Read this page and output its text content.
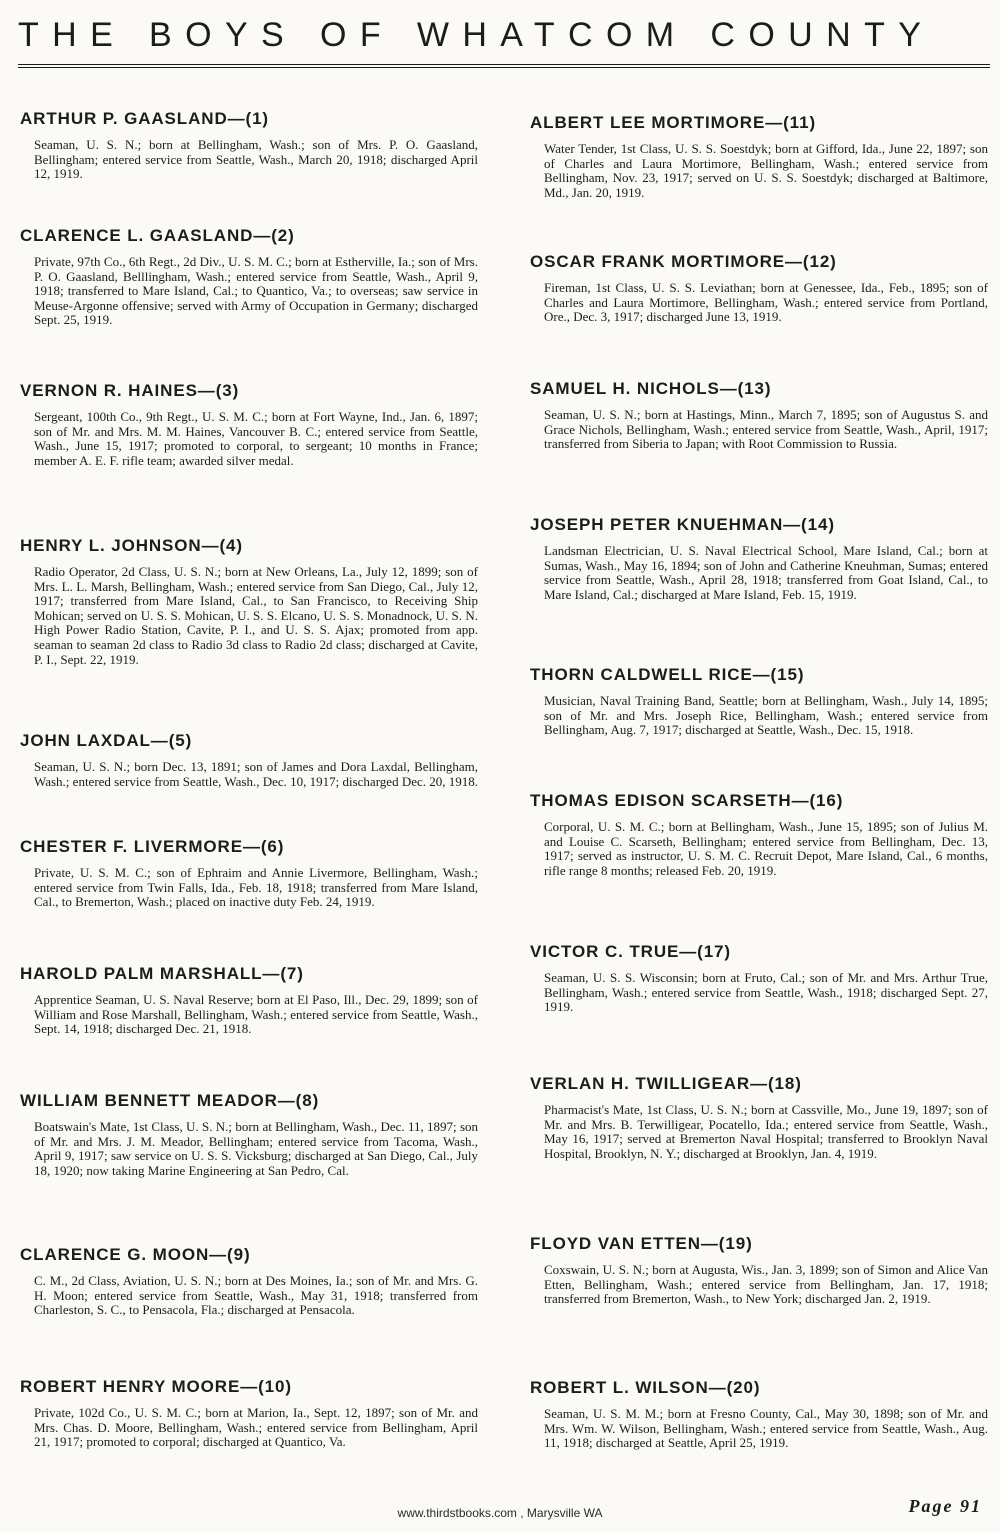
THE BOYS OF WHATCOM COUNTY
ARTHUR P. GAASLAND—(1)

Seaman, U. S. N.; born at Bellingham, Wash.; son of Mrs. P. O. Gaasland, Bellingham; entered service from Seattle, Wash., March 20, 1918; discharged April 12, 1919.

CLARENCE L. GAASLAND—(2)

Private, 97th Co., 6th Regt., 2d Div., U. S. M. C.; born at Estherville, Ia.; son of Mrs. P. O. Gaasland, Belllingham, Wash.; entered service from Seattle, Wash., April 9, 1918; transferred to Mare Island, Cal.; to Quantico, Va.; to overseas; saw service in Meuse-Argonne offensive; served with Army of Occupation in Germany; discharged Sept. 25, 1919.

VERNON R. HAINES—(3)

Sergeant, 100th Co., 9th Regt., U. S. M. C.; born at Fort Wayne, Ind., Jan. 6, 1897; son of Mr. and Mrs. M. M. Haines, Vancouver B. C.; entered service from Seattle, Wash., June 15, 1917; promoted to corporal, to sergeant; 10 months in France; member A. E. F. rifle team; awarded silver medal.

HENRY L. JOHNSON—(4)

Radio Operator, 2d Class, U. S. N.; born at New Orleans, La., July 12, 1899; son of Mrs. L. L. Marsh, Bellingham, Wash.; entered service from San Diego, Cal., July 12, 1917; transferred from Mare Island, Cal., to San Francisco, to Receiving Ship Mohican; served on U. S. S. Mohican, U. S. S. Elcano, U. S. S. Monadnock, U. S. N. High Power Radio Station, Cavite, P. I., and U. S. S. Ajax; promoted from app. seaman to seaman 2d class to Radio 3d class to Radio 2d class; discharged at Cavite, P. I., Sept. 22, 1919.

JOHN LAXDAL—(5)

Seaman, U. S. N.; born Dec. 13, 1891; son of James and Dora Laxdal, Bellingham, Wash.; entered service from Seattle, Wash., Dec. 10, 1917; discharged Dec. 20, 1918.

CHESTER F. LIVERMORE—(6)

Private, U. S. M. C.; son of Ephraim and Annie Livermore, Bellingham, Wash.; entered service from Twin Falls, Ida., Feb. 18, 1918; transferred from Mare Island, Cal., to Bremerton, Wash.; placed on inactive duty Feb. 24, 1919.

HAROLD PALM MARSHALL—(7)

Apprentice Seaman, U. S. Naval Reserve; born at El Paso, Ill., Dec. 29, 1899; son of William and Rose Marshall, Bellingham, Wash.; entered service from Seattle, Wash., Sept. 14, 1918; discharged Dec. 21, 1918.

WILLIAM BENNETT MEADOR—(8)

Boatswain's Mate, 1st Class, U. S. N.; born at Bellingham, Wash., Dec. 11, 1897; son of Mr. and Mrs. J. M. Meador, Bellingham; entered service from Tacoma, Wash., April 9, 1917; saw service on U. S. S. Vicksburg; discharged at San Diego, Cal., July 18, 1920; now taking Marine Engineering at San Pedro, Cal.

CLARENCE G. MOON—(9)

C. M., 2d Class, Aviation, U. S. N.; born at Des Moines, Ia.; son of Mr. and Mrs. G. H. Moon; entered service from Seattle, Wash., May 31, 1918; transferred from Charleston, S. C., to Pensacola, Fla.; discharged at Pensacola.

ROBERT HENRY MOORE—(10)

Private, 102d Co., U. S. M. C.; born at Marion, Ia., Sept. 12, 1897; son of Mr. and Mrs. Chas. D. Moore, Bellingham, Wash.; entered service from Bellingham, April 21, 1917; promoted to corporal; discharged at Quantico, Va.

ALBERT LEE MORTIMORE—(11)

Water Tender, 1st Class, U. S. S. Soestdyk; born at Gifford, Ida., June 22, 1897; son of Charles and Laura Mortimore, Bellingham, Wash.; entered service from Bellingham, Nov. 23, 1917; served on U. S. S. Soestdyk; discharged at Baltimore, Md., Jan. 20, 1919.

OSCAR FRANK MORTIMORE—(12)

Fireman, 1st Class, U. S. S. Leviathan; born at Genessee, Ida., Feb., 1895; son of Charles and Laura Mortimore, Bellingham, Wash.; entered service from Portland, Ore., Dec. 3, 1917; discharged June 13, 1919.

SAMUEL H. NICHOLS—(13)

Seaman, U. S. N.; born at Hastings, Minn., March 7, 1895; son of Augustus S. and Grace Nichols, Bellingham, Wash.; entered service from Seattle, Wash., April, 1917; transferred from Siberia to Japan; with Root Commission to Russia.

JOSEPH PETER KNUEHMAN—(14)

Landsman Electrician, U. S. Naval Electrical School, Mare Island, Cal.; born at Sumas, Wash., May 16, 1894; son of John and Catherine Kneuhman, Sumas; entered service from Seattle, Wash., April 28, 1918; transferred from Goat Island, Cal., to Mare Island, Cal.; discharged at Mare Island, Feb. 15, 1919.

THORN CALDWELL RICE—(15)

Musician, Naval Training Band, Seattle; born at Bellingham, Wash., July 14, 1895; son of Mr. and Mrs. Joseph Rice, Bellingham, Wash.; entered service from Bellingham, Aug. 7, 1917; discharged at Seattle, Wash., Dec. 15, 1918.

THOMAS EDISON SCARSETH—(16)

Corporal, U. S. M. C.; born at Bellingham, Wash., June 15, 1895; son of Julius M. and Louise C. Scarseth, Bellingham; entered service from Bellingham, Dec. 13, 1917; served as instructor, U. S. M. C. Recruit Depot, Mare Island, Cal., 6 months, rifle range 8 months; released Feb. 20, 1919.

VICTOR C. TRUE—(17)

Seaman, U. S. S. Wisconsin; born at Fruto, Cal.; son of Mr. and Mrs. Arthur True, Bellingham, Wash.; entered service from Seattle, Wash., 1918; discharged Sept. 27, 1919.

VERLAN H. TWILLIGEAR—(18)

Pharmacist's Mate, 1st Class, U. S. N.; born at Cassville, Mo., June 19, 1897; son of Mr. and Mrs. B. Terwilligear, Pocatello, Ida.; entered service from Seattle, Wash., May 16, 1917; served at Bremerton Naval Hospital; transferred to Brooklyn Naval Hospital, Brooklyn, N. Y.; discharged at Brooklyn, Jan. 4, 1919.

FLOYD VAN ETTEN—(19)

Coxswain, U. S. N.; born at Augusta, Wis., Jan. 3, 1899; son of Simon and Alice Van Etten, Bellingham, Wash.; entered service from Bellingham, Jan. 17, 1918; transferred from Bremerton, Wash., to New York; discharged Jan. 2, 1919.

ROBERT L. WILSON—(20)

Seaman, U. S. M. M.; born at Fresno County, Cal., May 30, 1898; son of Mr. and Mrs. Wm. W. Wilson, Bellingham, Wash.; entered service from Seattle, Wash., Aug. 11, 1918; discharged at Seattle, April 25, 1919.

www.thirdstbooks.com , Marysville WA	Page 91
